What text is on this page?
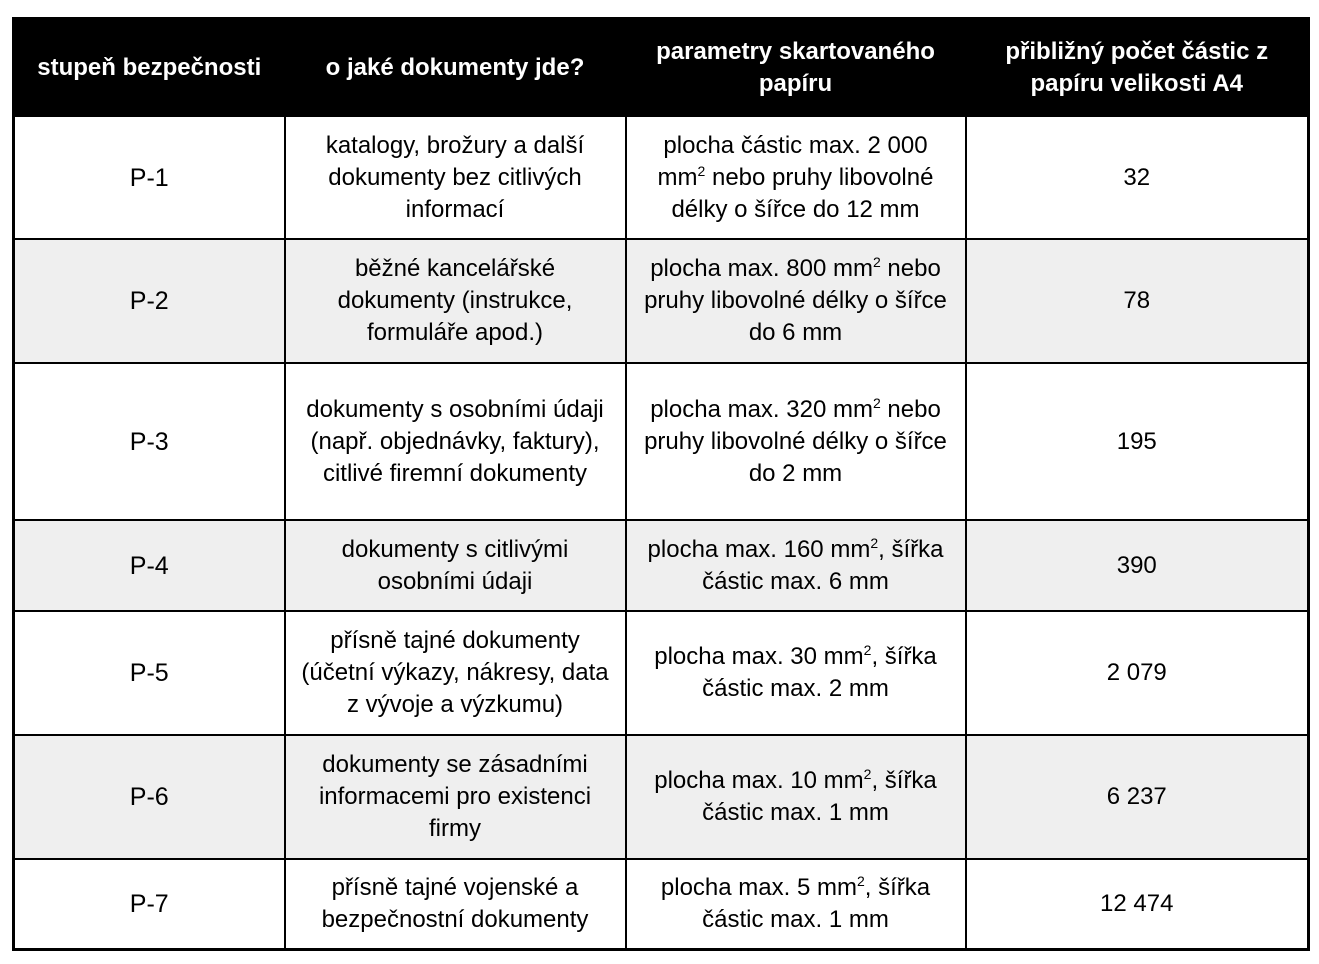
stupeň bezpečnosti	o jaké dokumenty jde?	parametry skartovaného papíru	přibližný počet částic z papíru velikosti A4
P-1	katalogy, brožury a další dokumenty bez citlivých informací	plocha částic max. 2 000 $mm^2$ nebo pruhy libovolné délky o šířce do 12 mm	32
P-2	běžné kancelářské dokumenty (instrukce, formuláře apod.)	plocha max. 800 $mm^2$ nebo pruhy libovolné délky o šířce do 6 mm	78
P-3	dokumenty s osobními údaji (např. objednávky, faktury), citlivé firemní dokumenty	plocha max. 320 $mm^2$ nebo pruhy libovolné délky o šířce do 2 mm	195
P-4	dokumenty s citlivými osobními údaji	plocha max. 160 $mm^2$, šířka částic max. 6 mm	390
P-5	přísně tajné dokumenty (účetní výkazy, nákresy, data z vývoje a výzkumu)	plocha max. 30 $mm^2$, šířka částic max. 2 mm	2 079
P-6	dokumenty se zásadními informacemi pro existenci firmy	plocha max. 10 $mm^2$, šířka částic max. 1 mm	6 237
P-7	přísně tajné vojenské a bezpečnostní dokumenty	plocha max. 5 $mm^2$, šířka částic max. 1 mm	12 474
